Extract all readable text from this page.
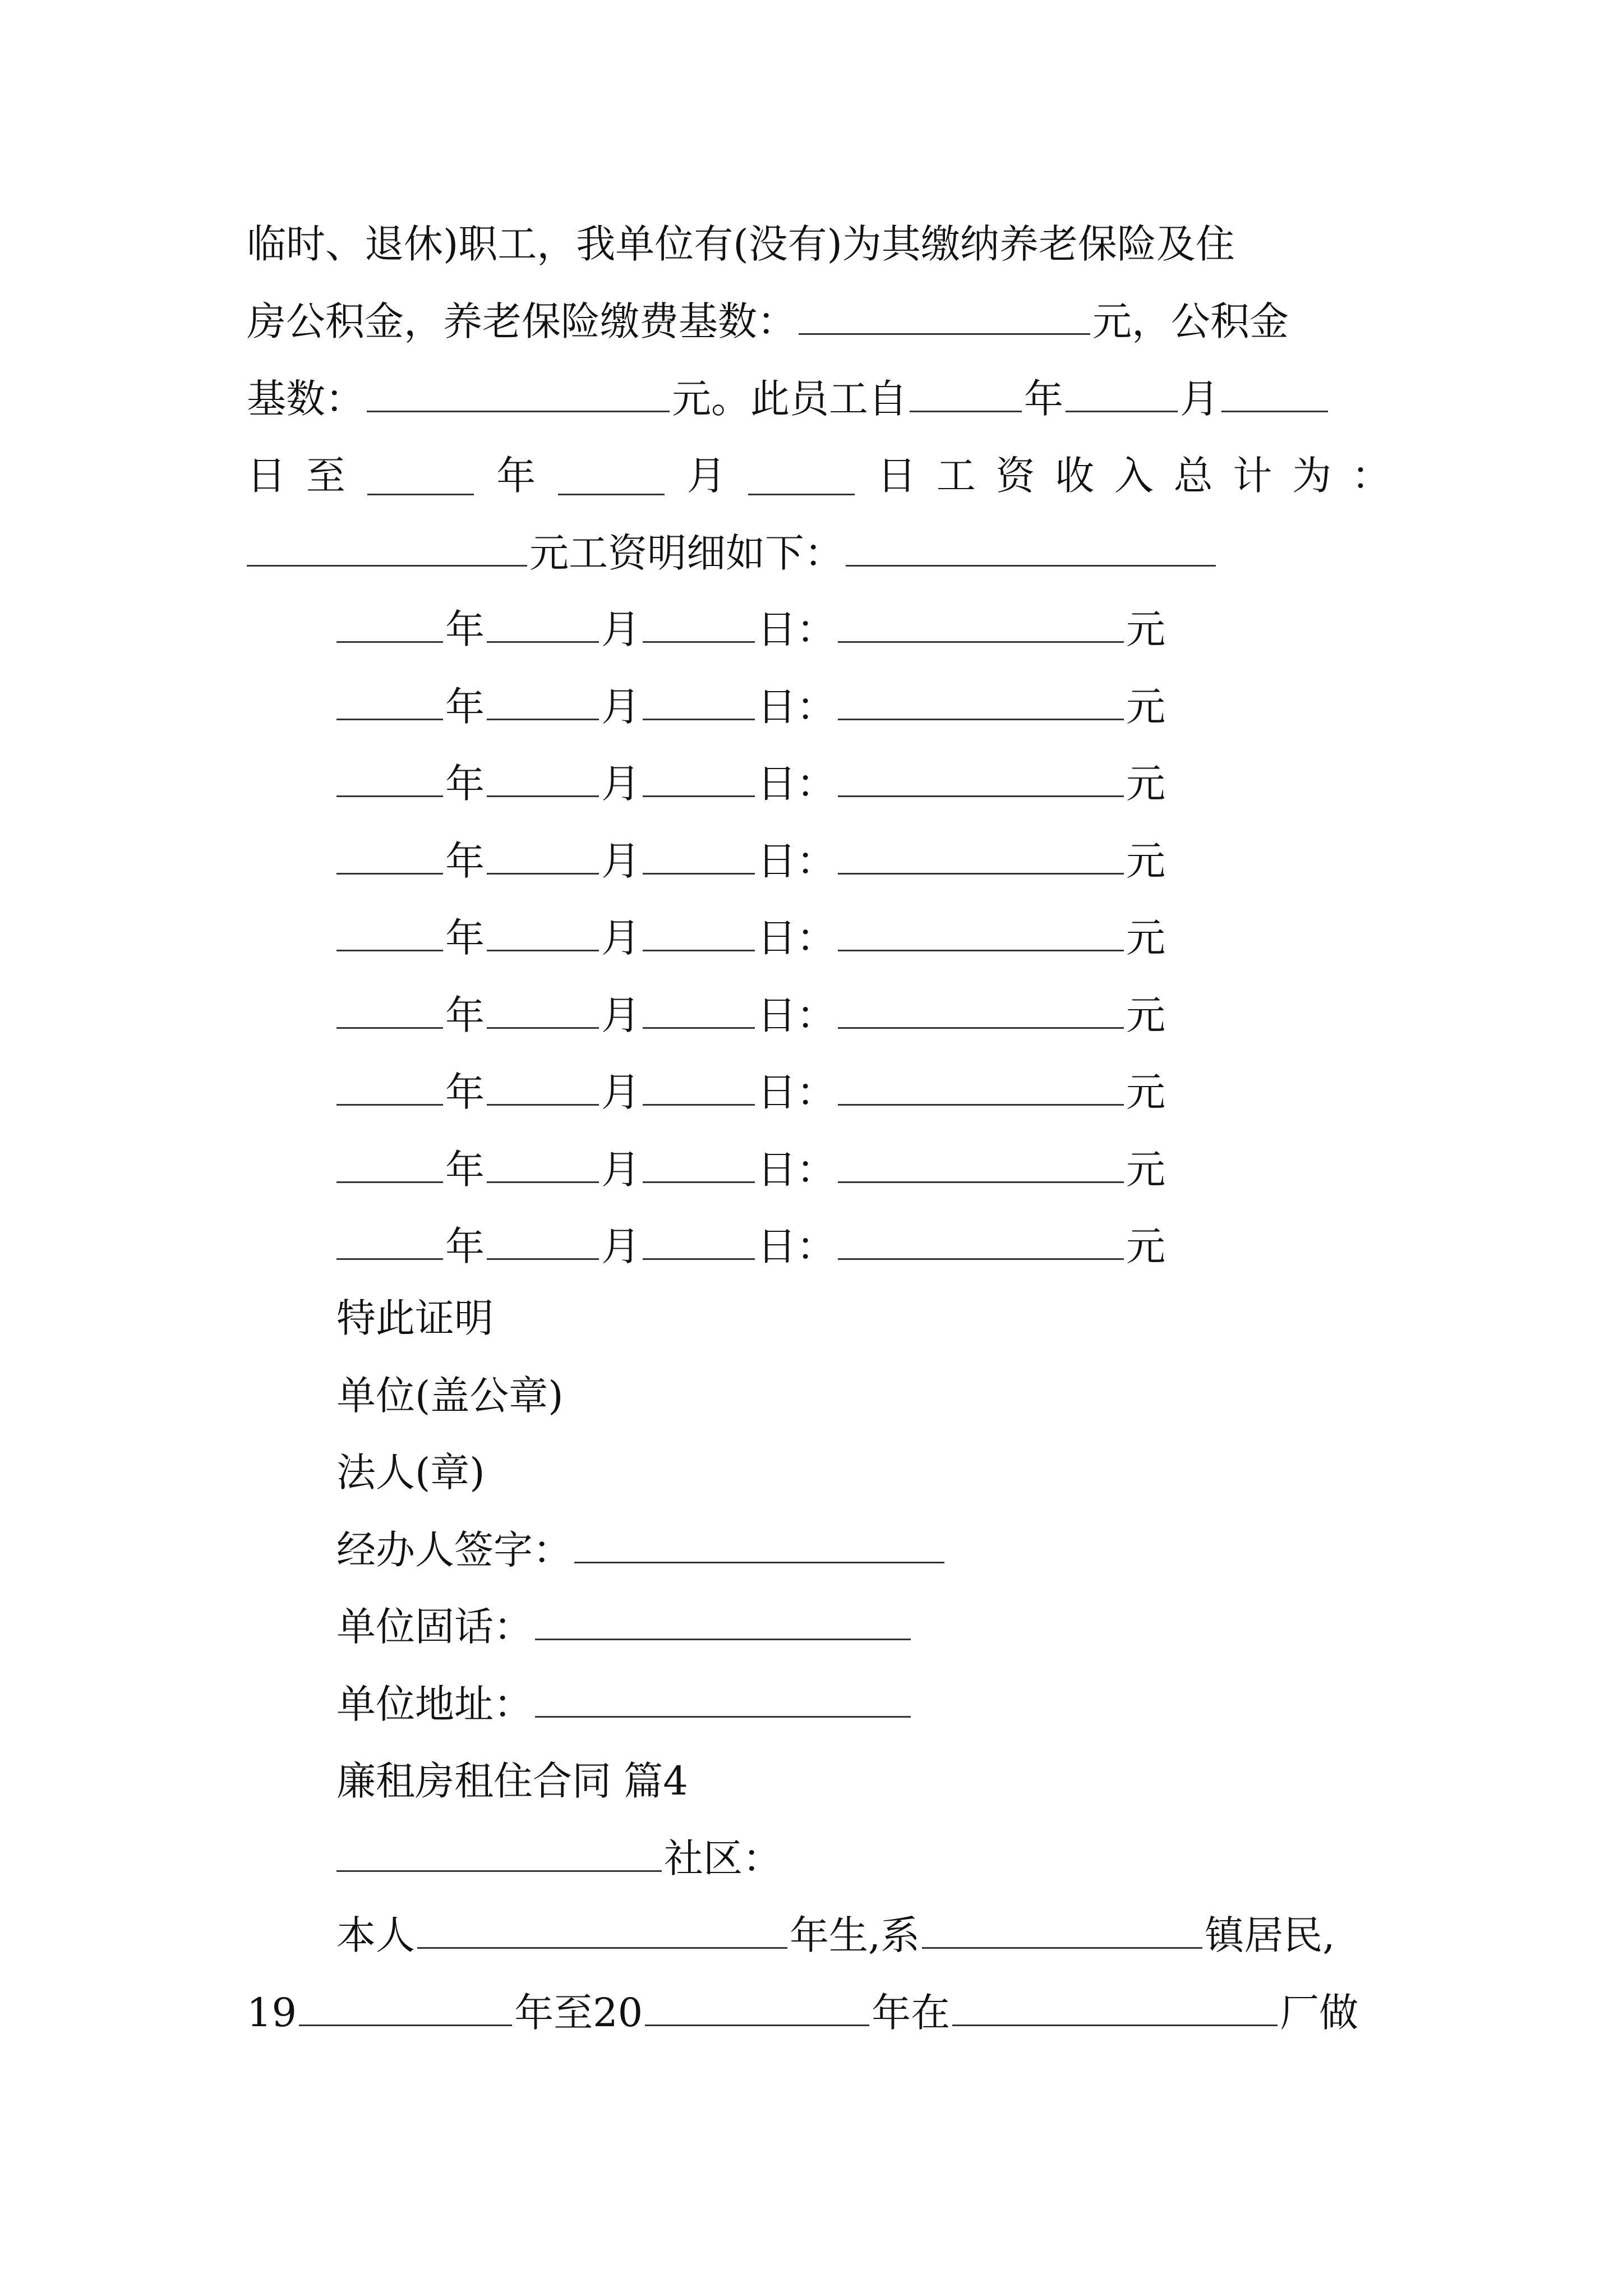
临时、退休)职工，我单位有(没有)为其缴纳养老保险及住
房公积金，养老保险缴费基数：	元，公积金
基数：	元。此员工自	年	月
日 至	年	月	日 工 资 收 入 总 计 为 ：
元工资明细如下：
年	月	日：	元
年	月	日：	元
年	月	日：	元
年	月	日：	元
年	月	日：	元
年	月	日：	元
年	月	日：	元
年	月	日：	元
年	月	日：	元
特此证明
单位(盖公章)
法人(章)
经办人签字：
单位固话：
单位地址：
廉租房租住合同 篇4
社区：
本人	年生,系	镇居民,
19	年至20	年在	厂做
